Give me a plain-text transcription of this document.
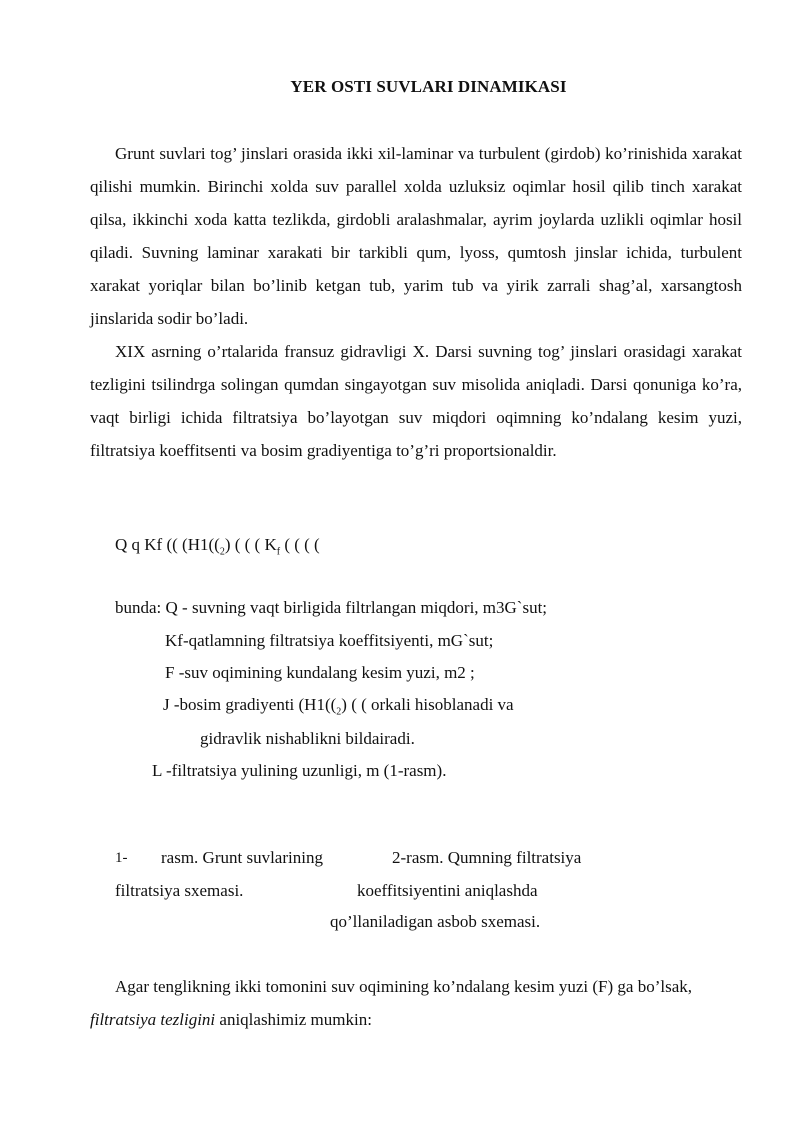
YER OSTI SUVLARI DINAMIKASI

Grunt suvlari tog’ jinslari orasida ikki xil-laminar va turbulent (girdob) ko’rinishida xarakat qilishi mumkin. Birinchi xolda suv parallel xolda uzluksiz oqimlar hosil qilib tinch xarakat qilsa, ikkinchi xoda katta tezlikda, girdobli aralashmalar, ayrim joylarda uzlikli oqimlar hosil qiladi. Suvning laminar xarakati bir tarkibli qum, lyoss, qumtosh jinslar ichida, turbulent xarakat yoriqlar bilan bo’linib ketgan tub, yarim tub va yirik zarrali shag’al, xarsangtosh jinslarida sodir bo’ladi.

XIX asrning o’rtalarida fransuz gidravligi X. Darsi suvning tog’ jinslari orasidagi xarakat tezligini tsilindrga solingan qumdan singayotgan suv misolida aniqladi. Darsi qonuniga ko’ra, vaqt birligi ichida filtratsiya bo’layotgan suv miqdori oqimning ko’ndalang kesim yuzi, filtratsiya koeffitsenti va bosim gradiyentiga to’g’ri proportsionaldir.

Q q Kf (( ($H1((_2)$ ( ( ( $K_f$ ( ( ( (
bunda: Q - suvning vaqt birligida filtrlangan miqdori, m3G`sut;
Kf-qatlamning filtratsiya koeffitsiyenti, mG`sut;
F -suv oqimining kundalang kesim yuzi, m2 ;
J -bosim gradiyenti ($H1((_2)$ ( ( orkali hisoblanadi va
gidravlik nishablikni bildairadi.
L -filtratsiya yulining uzunligi, m (1-rasm).
1- rasm. Grunt suvlarining
filtratsiya sxemasi.
2-rasm. Qumning filtratsiya
koeffitsiyentini aniqlashda
qo’llaniladigan asbob sxemasi.
Agar tenglikning ikki tomonini suv oqimining ko’ndalang kesim yuzi (F) ga bo’lsak,
filtratsiya tezligini aniqlashimiz mumkin:
